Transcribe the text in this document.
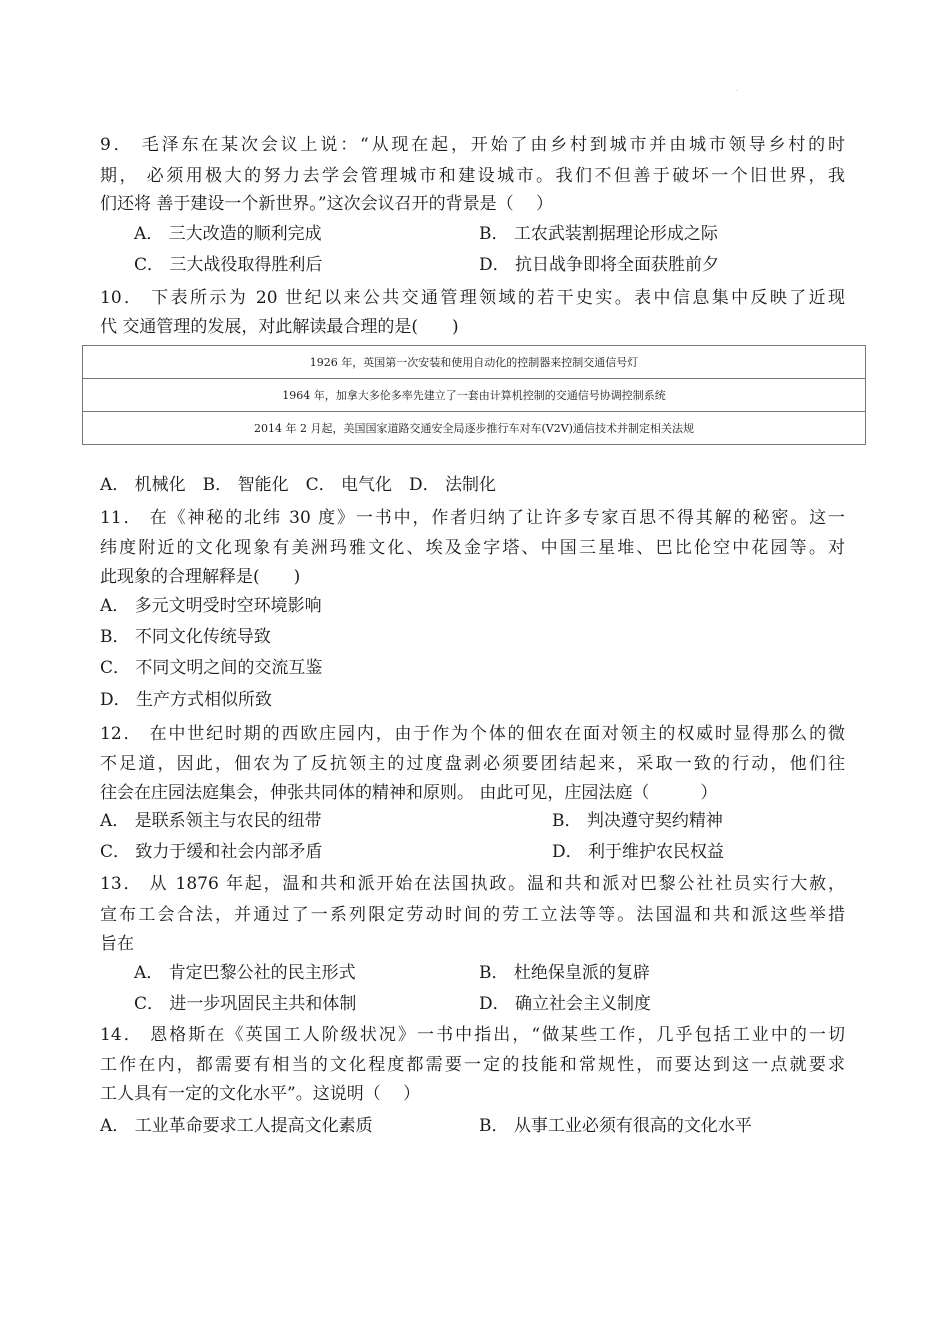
·
9． 毛泽东在某次会议上说：“从现在起，开始了由乡村到城市并由城市领导乡村的时
期， 必须用极大的努力去学会管理城市和建设城市。我们不但善于破坏一个旧世界，我
们还将 善于建设一个新世界。”这次会议召开的背景是（　 ）
A． 三大改造的顺利完成	B． 工农武装割据理论形成之际
C． 三大战役取得胜利后	D． 抗日战争即将全面获胜前夕
10． 下表所示为 20 世纪以来公共交通管理领域的若干史实。表中信息集中反映了近现
代 交通管理的发展，对此解读最合理的是(　　)
1926 年，英国第一次安装和使用自动化的控制器来控制交通信号灯
1964 年，加拿大多伦多率先建立了一套由计算机控制的交通信号协调控制系统
2014 年 2 月起，美国国家道路交通安全局逐步推行车对车(V2V)通信技术并制定相关法规
A． 机械化　B． 智能化　C． 电气化　D． 法制化
11． 在《神秘的北纬 30 度》一书中，作者归纳了让许多专家百思不得其解的秘密。这一
纬度附近的文化现象有美洲玛雅文化、埃及金字塔、中国三星堆、巴比伦空中花园等。对
此现象的合理解释是(　　)
A． 多元文明受时空环境影响
B． 不同文化传统导致
C． 不同文明之间的交流互鉴
D． 生产方式相似所致
12． 在中世纪时期的西欧庄园内，由于作为个体的佃农在面对领主的权威时显得那么的微
不足道，因此，佃农为了反抗领主的过度盘剥必须要团结起来，采取一致的行动，他们往
往会在庄园法庭集会，伸张共同体的精神和原则。 由此可见，庄园法庭（　　　）
A． 是联系领主与农民的纽带	B． 判决遵守契约精神
C． 致力于缓和社会内部矛盾	D． 利于维护农民权益
13． 从 1876 年起，温和共和派开始在法国执政。温和共和派对巴黎公社社员实行大赦，
宣布工会合法，并通过了一系列限定劳动时间的劳工立法等等。法国温和共和派这些举措
旨在
A． 肯定巴黎公社的民主形式	B． 杜绝保皇派的复辟
C． 进一步巩固民主共和体制	D． 确立社会主义制度
14． 恩格斯在《英国工人阶级状况》一书中指出，“做某些工作，几乎包括工业中的一切
工作在内，都需要有相当的文化程度都需要一定的技能和常规性，而要达到这一点就要求
工人具有一定的文化水平”。这说明（　 ）
A． 工业革命要求工人提高文化素质	B． 从事工业必须有很高的文化水平
